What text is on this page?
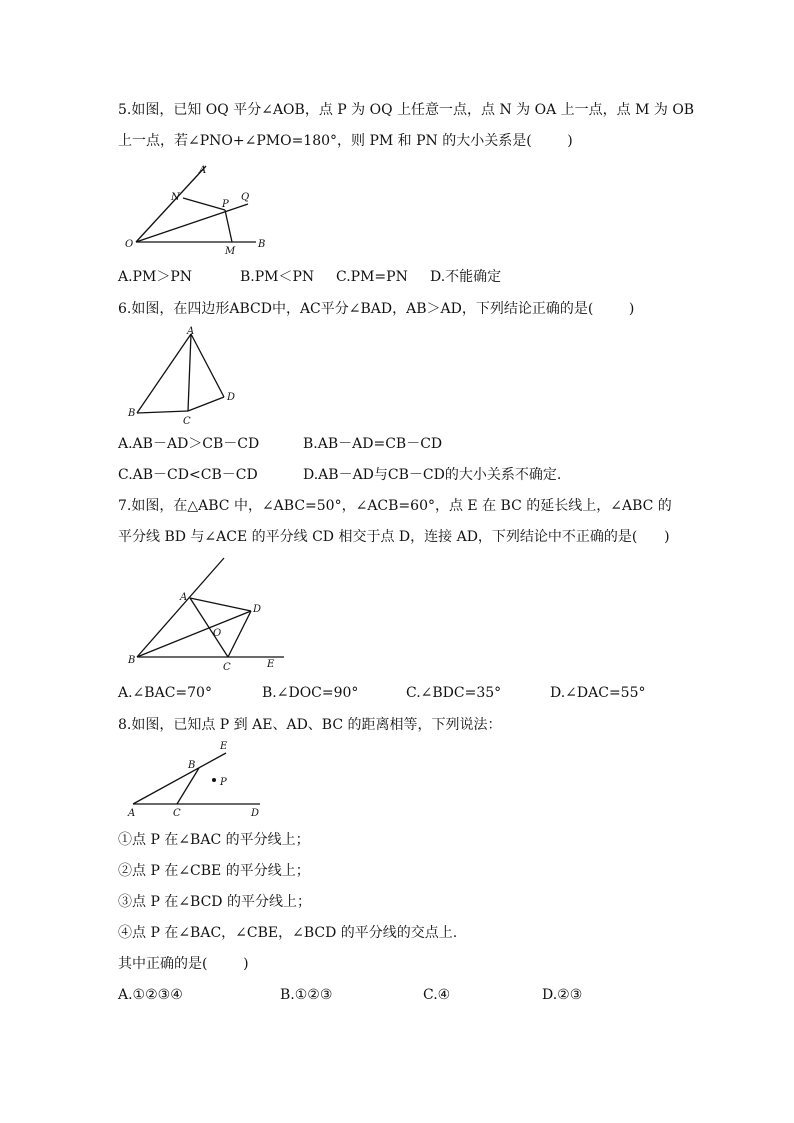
5.如图，已知 OQ 平分∠AOB，点 P 为 OQ 上任意一点，点 N 为 OA 上一点，点 M 为 OB
上一点，若∠PNO+∠PMO=180°，则 PM 和 PN 的大小关系是(        )
A
N
P
Q
O
M
B
A.PM＞PN	B.PM＜PN C.PM=PN D.不能确定
6.如图，在四边形ABCD中，AC平分∠BAD，AB＞AD，下列结论正确的是(        )
A
B
C
D
A.AB－AD＞CB－CD	B.AB－AD=CB－CD
C.AB－CD<CB－CD	D.AB－AD与CB－CD的大小关系不确定.
7.如图，在△ABC 中，∠ABC=50°，∠ACB=60°，点 E 在 BC 的延长线上，∠ABC 的
平分线 BD 与∠ACE 的平分线 CD 相交于点 D，连接 AD，下列结论中不正确的是(      )
A
D
O
B
C	E
A.∠BAC=70°	B.∠DOC=90°	C.∠BDC=35°	D.∠DAC=55°
8.如图，已知点 P 到 AE、AD、BC 的距离相等，下列说法：
E
B
P
A	C	D
①点 P 在∠BAC 的平分线上；
②点 P 在∠CBE 的平分线上；
③点 P 在∠BCD 的平分线上；
④点 P 在∠BAC，∠CBE，∠BCD 的平分线的交点上.
其中正确的是(        )
A.①②③④	B.①②③	C.④	D.②③
